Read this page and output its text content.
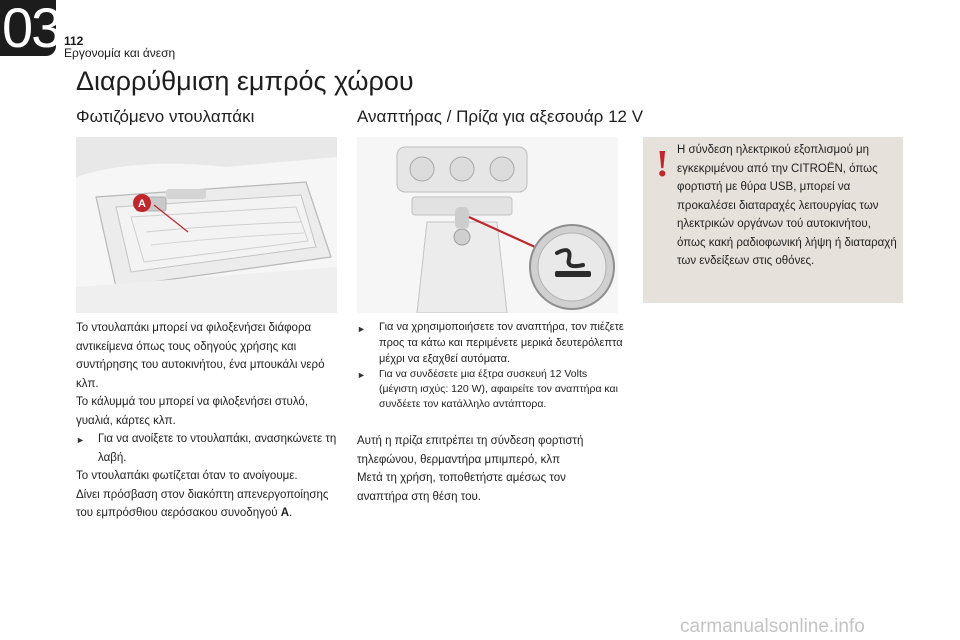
03 112
Εργονομία και άνεση
Διαρρύθμιση εμπρός χώρου
Φωτιζόμενο ντουλαπάκι
A
Το ντουλαπάκι μπορεί να φιλοξενήσει διάφορα αντικείμενα όπως τους οδηγούς χρήσης και συντήρησης του αυτοκινήτου, ένα μπουκάλι νερό κλπ.
Το κάλυμμά του μπορεί να φιλοξενήσει στυλό, γυαλιά, κάρτες κλπ.
►	Για να ανοίξετε το ντουλαπάκι, ανασηκώνετε τη λαβή.
Το ντουλαπάκι φωτίζεται όταν το ανοίγουμε.
Δίνει πρόσβαση στον διακόπτη απενεργοποίησης του εμπρόσθιου αερόσακου συνοδηγού A.
Αναπτήρας / Πρίζα για αξεσουάρ 12 V
►	Για να χρησιμοποιήσετε τον αναπτήρα, τον πιέζετε προς τα κάτω και περιμένετε μερικά δευτερόλεπτα μέχρι να εξαχθεί αυτόματα.
►	Για να συνδέσετε μια έξτρα συσκευή 12 Volts (μέγιστη ισχύς: 120 W), αφαιρείτε τον αναπτήρα και συνδέετε τον κατάλληλο αντάπτορα.
Αυτή η πρίζα επιτρέπει τη σύνδεση φορτιστή τηλεφώνου, θερμαντήρα μπιμπερό, κλπ
Μετά τη χρήση, τοποθετήστε αμέσως τον αναπτήρα στη θέση του.
! Η σύνδεση ηλεκτρικού εξοπλισμού μη εγκεκριμένου από την CITROËN, όπως φορτιστή με θύρα USB, μπορεί να προκαλέσει διαταραχές λειτουργίας των ηλεκτρικών οργάνων τού αυτοκινήτου, όπως κακή ραδιοφωνική λήψη ή διαταραχή των ενδείξεων στις οθόνες.
carmanualsonline.info
